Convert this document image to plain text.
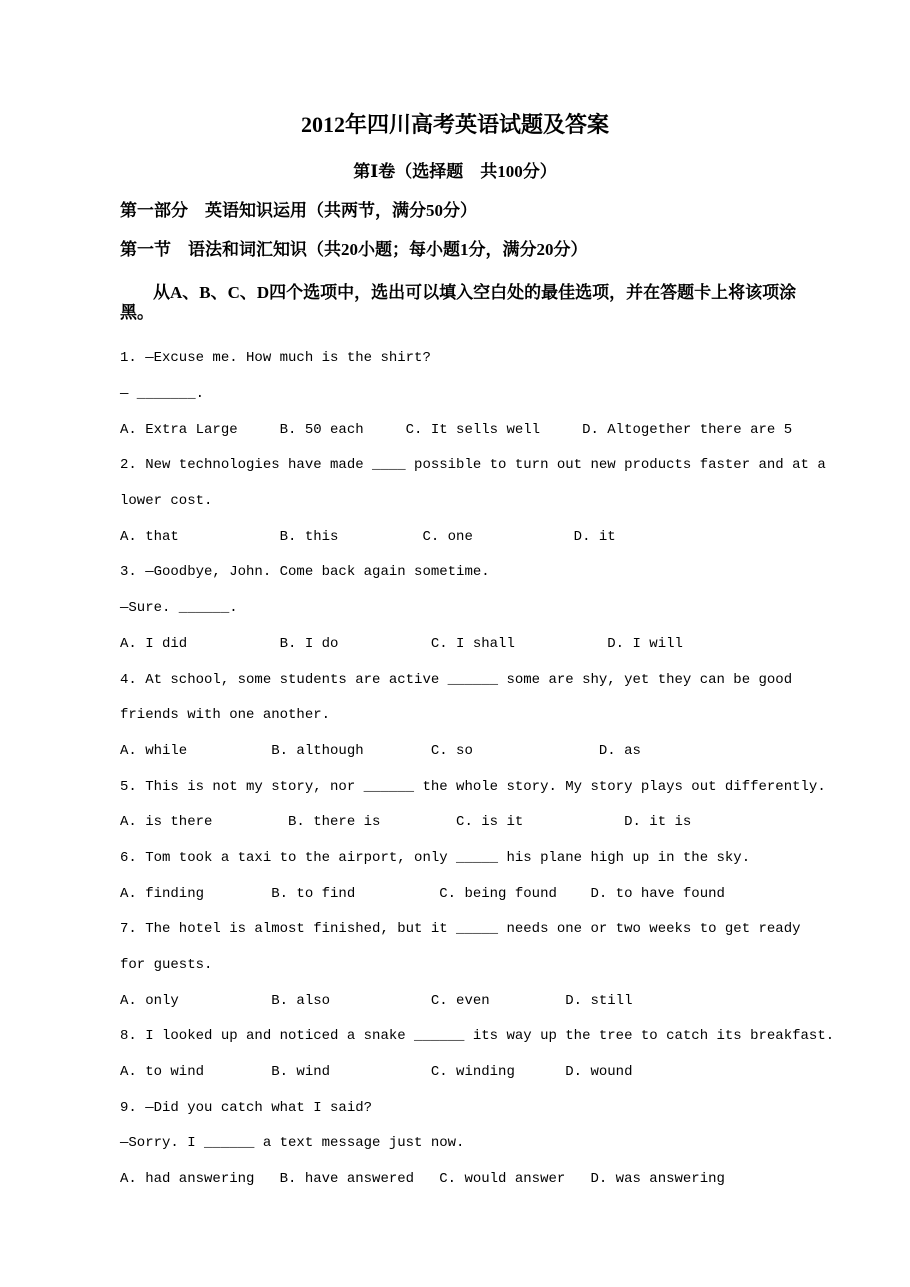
2012年四川高考英语试题及答案
第Ⅰ卷（选择题　共100分）
第一部分　英语知识运用（共两节，满分50分）
第一节　语法和词汇知识（共20小题；每小题1分，满分20分）
从A、B、C、D四个选项中，选出可以填入空白处的最佳选项，并在答题卡上将该项涂黑。
1. —Excuse me. How much is the shirt?
— _______.
A. Extra Large     B. 50 each     C. It sells well     D. Altogether there are 5
2. New technologies have made ____ possible to turn out new products faster and at a
lower cost.
A. that            B. this          C. one            D. it
3. —Goodbye, John. Come back again sometime.
—Sure. ______.
A. I did           B. I do           C. I shall           D. I will
4. At school, some students are active ______ some are shy, yet they can be good
friends with one another.
A. while          B. although        C. so               D. as
5. This is not my story, nor ______ the whole story. My story plays out differently.
A. is there         B. there is         C. is it            D. it is
6. Tom took a taxi to the airport, only _____ his plane high up in the sky.
A. finding        B. to find          C. being found    D. to have found
7. The hotel is almost finished, but it _____ needs one or two weeks to get ready
for guests.
A. only           B. also            C. even         D. still
8. I looked up and noticed a snake ______ its way up the tree to catch its breakfast.
A. to wind        B. wind            C. winding      D. wound
9. —Did you catch what I said?
—Sorry. I ______ a text message just now.
A. had answering   B. have answered   C. would answer   D. was answering
